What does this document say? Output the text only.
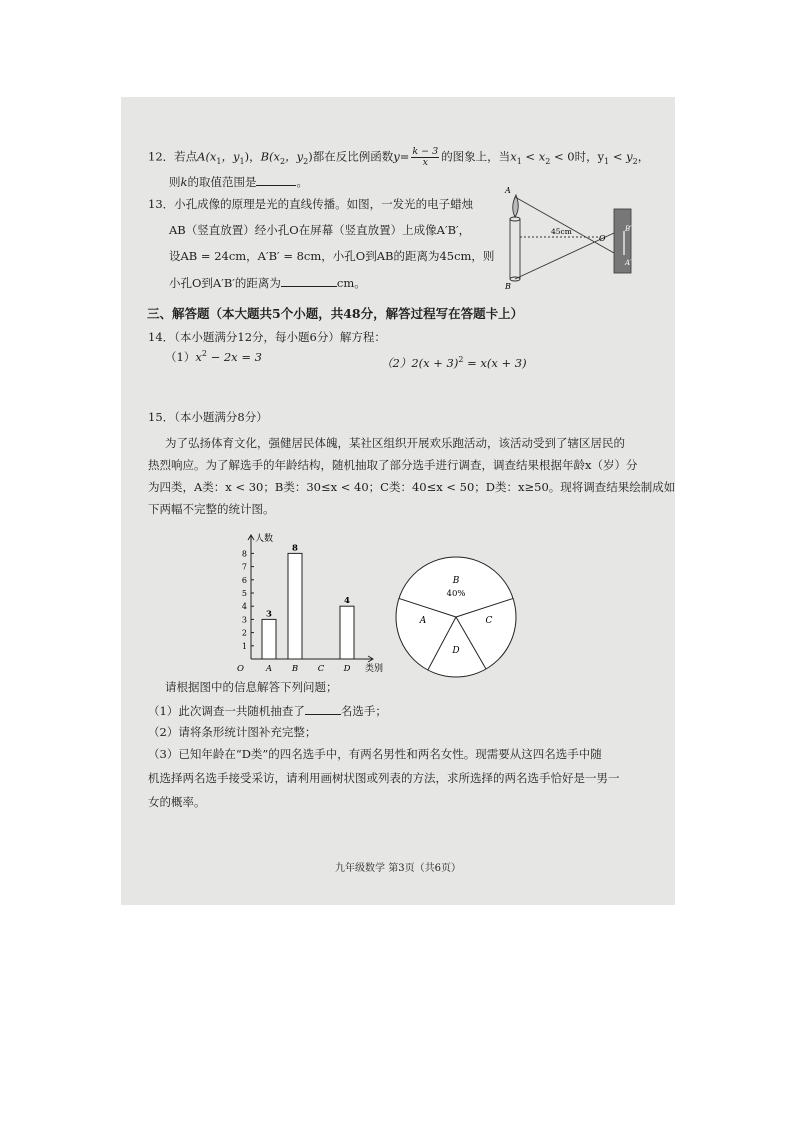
12．若点$A(x_1$，$y_1$)，$B(x_2$，$y_2$)都在反比例函数$y= \frac{k - 3}{x}$ 的图象上，当$x_1 < x_2 < 0$时，$y_1 < y_2$，
则k的取值范围是	。
13．小孔成像的原理是光的直线传播。如图，一发光的电子蜡烛
AB（竖直放置）经小孔O在屏幕（竖直放置）上成像A′B′，
设AB = 24cm，A′B′ = 8cm，小孔O到AB的距离为45cm，则
小孔O到A′B′的距离为	cm。
A
B
O
B′
A′
45cm
三、解答题（本大题共5个小题，共48分，解答过程写在答题卡上）
14．（本小题满分12分，每小题6分）解方程：
$(1)x^2 - 2x = 3$	$(2)2(x + 3)^2 = x(x + 3)$
15．（本小题满分8分）
为了弘扬体育文化，强健居民体魄，某社区组织开展欢乐跑活动，该活动受到了辖区居民的
热烈响应。为了解选手的年龄结构，随机抽取了部分选手进行调查，调查结果根据年龄x（岁）分
为四类，A类：x < 30；B类：30≤x < 40；C类：40≤x < 50；D类：x≥50。现将调查结果绘制成如
下两幅不完整的统计图。
1
2
3
4
5
6
7
8
人数
类别
O	A
3
B
8
C D
4
B
40%
C
D
A
请根据图中的信息解答下列问题；
（1）此次调查一共随机抽查了	名选手；
（2）请将条形统计图补充完整；
（3）已知年龄在“D类”的四名选手中，有两名男性和两名女性。现需要从这四名选手中随
机选择两名选手接受采访，请利用画树状图或列表的方法，求所选择的两名选手恰好是一男一
女的概率。
九年级数学 第3页（共6页）
